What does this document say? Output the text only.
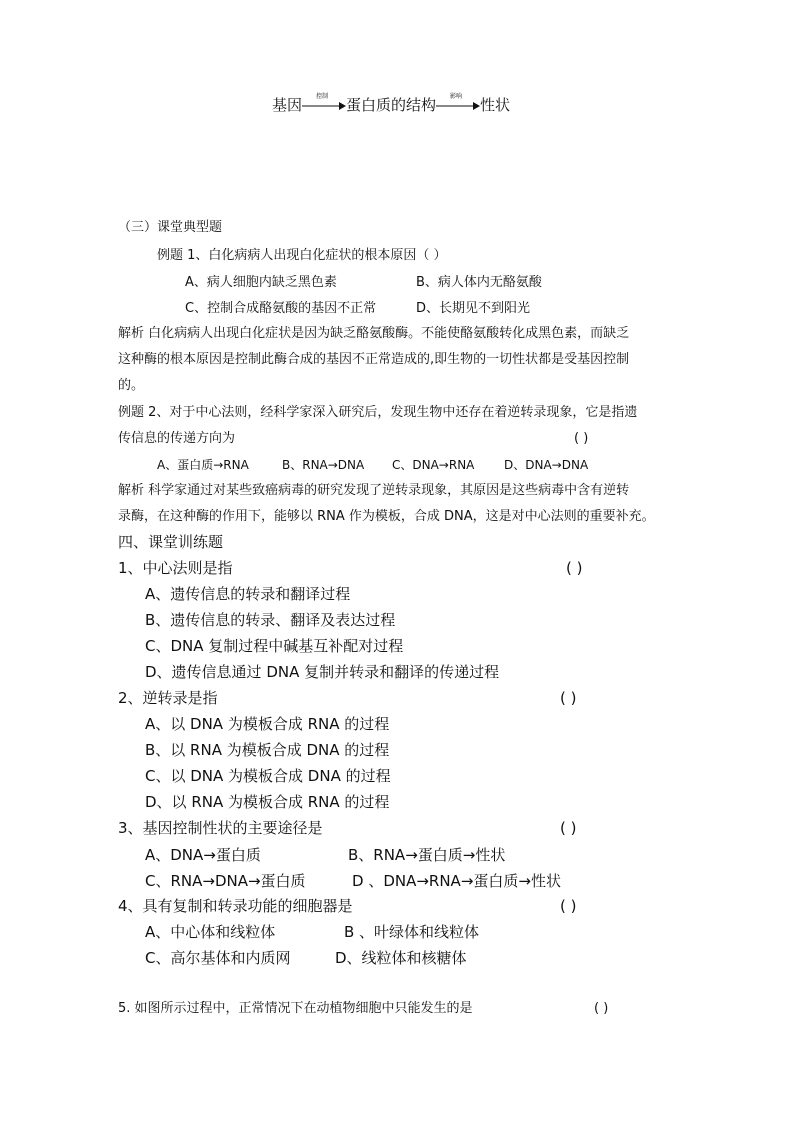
基因	控制	蛋白质的结构	影响	性状
（三）课堂典型题
例题 1、白化病病人出现白化症状的根本原因（ ）
A、病人细胞内缺乏黑色素	B、病人体内无酪氨酸
C、控制合成酪氨酸的基因不正常	D、长期见不到阳光
解析 白化病病人出现白化症状是因为缺乏酪氨酸酶。不能使酪氨酸转化成黑色素，而缺乏
这种酶的根本原因是控制此酶合成的基因不正常造成的,即生物的一切性状都是受基因控制
的。
例题 2、对于中心法则，经科学家深入研究后，发现生物中还存在着逆转录现象，它是指遗
传信息的传递方向为	( )
A、蛋白质→RNA	B、RNA→DNA C、DNA→RNA D、DNA→DNA
解析 科学家通过对某些致癌病毒的研究发现了逆转录现象，其原因是这些病毒中含有逆转
录酶，在这种酶的作用下，能够以 RNA 作为模板，合成 DNA，这是对中心法则的重要补充。
四、课堂训练题
1、中心法则是指	( )
A、遗传信息的转录和翻译过程
B、遗传信息的转录、翻译及表达过程
C、DNA 复制过程中碱基互补配对过程
D、遗传信息通过 DNA 复制并转录和翻译的传递过程
2、逆转录是指	( )
A、以 DNA 为模板合成 RNA 的过程
B、以 RNA 为模板合成 DNA 的过程
C、以 DNA 为模板合成 DNA 的过程
D、以 RNA 为模板合成 RNA 的过程
3、基因控制性状的主要途径是	( )
A、DNA→蛋白质	B、RNA→蛋白质→性状
C、RNA→DNA→蛋白质	D 、DNA→RNA→蛋白质→性状
4、具有复制和转录功能的细胞器是	( )
A、中心体和线粒体	B 、叶绿体和线粒体
C、高尔基体和内质网	D、线粒体和核糖体
5. 如图所示过程中，正常情况下在动植物细胞中只能发生的是	( )
